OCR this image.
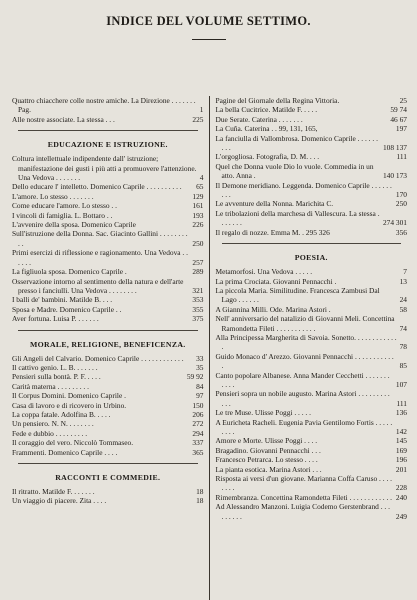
INDICE DEL VOLUME SETTIMO.
Quattro chiacchere colle nostre amiche. La Direzione . . . . . . . Pag.	1
Alle nostre associate. La stessa . . .	225
EDUCAZIONE E ISTRUZIONE.
Coltura intellettuale indipendente dall' istruzione; manifestazione dei gusti i più atti a promuovere l'attenzione. Una Vedova . . . . . . .	4
Dello educare l' intelletto. Domenico Caprile . . . . . . . . . .	65
L'amore. Lo stesso . . . . . . .	129
Come educare l'amore. Lo stesso . .	161
I vincoli di famiglia. L. Bottaro . .	193
L'avvenire della sposa. Domenico Caprile	226
Sull'istruzione della Donna. Sac. Giacinto Gallini . . . . . . . . . .	250
Primi esercizi di riflessione e ragionamento. Una Vedova . . . . . .	257
La figliuola sposa. Domenico Caprile .	289
Osservazione intorno al sentimento della natura e dell'arte presso i fanciulli. Una Vedova . . . . . . . .	321
I balli de' bambini. Matilde B. . . .	353
Sposa e Madre. Domenico Caprile . .	355
Aver fortuna. Luisa P. . . . . . .	375
MORALE, RELIGIONE, BENEFICENZA.
Gli Angeli del Calvario. Domenico Caprile . . . . . . . . . . . .	33
Il cattivo genio. L. B. . . . . . .	35
Pensieri sulla bontà. P. F. . . . .	59 92
Carità materna . . . . . . . . .	84
Il Corpus Domini. Domenico Caprile .	97
Casa di lavoro e di ricovero in Urbino.	150
La coppa fatale. Adolfina B. . . . .	206
Un pensiero. N. N. . . . . . . .	272
Fede e dubbio . . . . . . . . .	294
Il coraggio del vero. Niccolò Tommaseo.	337
Frammenti. Domenico Caprile . . . .	365
RACCONTI E COMMEDIE.
Il ritratto. Matilde F. . . . . . .	18
Un viaggio di piacere. Zita . . . .	18
Pagine del Giornale della Regina Vittoria.	25
La bella Cucitrice. Matilde F. . . . .	59 74
Due Serate. Caterina . . . . . . .	46 67
La Cuña. Caterina . . 99, 131, 165,	197
La fanciulla di Vallombrosa. Domenico Caprile . . . . . . . . .	108 137
L'orgogliosa. Fotografia, D. M. . . .	111
Quel che Donna vuole Dio lo vuole. Commedia in un atto. Anna .	140 173
Il Demone meridiano. Leggenda. Domenico Caprile . . . . . . . . .	170
Le avventure della Nonna. Marichita C.	250
Le tribolazioni della marchesa di Vallescura. La stessa . . . . . . .	274 301
Il regalo di nozze. Emma M. . 295 326	356
POESIA.
Metamorfosi. Una Vedova . . . . .	7
La prima Crociata. Giovanni Pennacchi .	13
La piccola Maria. Similitudine. Francesca Zambusi Dal Lago . . . . . .	24
A Giannina Milli. Ode. Marina Astori .	58
Nell' anniversario del natalizio di Giovanni Meli. Concettina Ramondetta Fileti . . . . . . . . . . .	74
Alla Principessa Margherita di Savoia. Sonetto. . . . . . . . . . . . .	78
Guido Monaco d' Arezzo. Giovanni Pennacchi . . . . . . . . . . . .	85
Canto popolare Albanese. Anna Mander Cecchetti . . . . . . . . . . .	107
Pensieri sopra un nobile augusto. Marina Astori . . . . . . . . . . . .	111
Le tre Muse. Ulisse Poggi . . . . .	136
A Euricheta Racheli. Eugenia Pavia Gentilomo Fortis . . . . . . . . .	142
Amore e Morte. Ulisse Poggi . . . .	145
Bragadino. Giovanni Pennacchi . . .	169
Francesco Petrarca. Lo stesso . . . .	196
La pianta esotica. Marina Astori . . .	201
Risposta ai versi d'un giovane. Marianna Coffa Caruso . . . . . . . .	228
Rimembranza. Concettina Ramondetta Fileti . . . . . . . . . . . . 240
Ad Alessandro Manzoni. Luigia Codemo Gerstenbrand . . . . . . . . .	249
